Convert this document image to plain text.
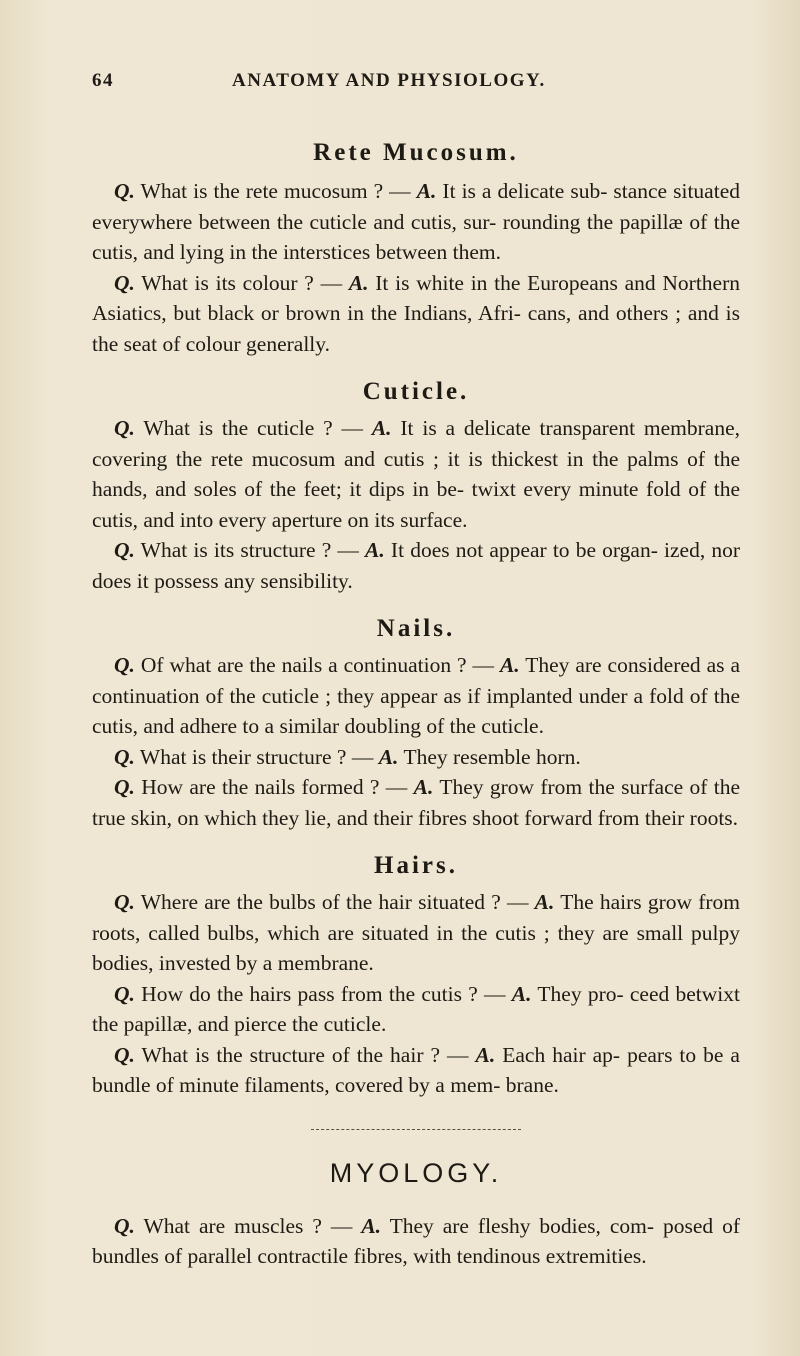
64	ANATOMY AND PHYSIOLOGY.
Rete Mucosum.

Q. What is the rete mucosum ? — A. It is a delicate sub- stance situated everywhere between the cuticle and cutis, sur- rounding the papillæ of the cutis, and lying in the interstices between them.

Q. What is its colour ? — A. It is white in the Europeans and Northern Asiatics, but black or brown in the Indians, Afri- cans, and others ; and is the seat of colour generally.

Cuticle.

Q. What is the cuticle ? — A. It is a delicate transparent membrane, covering the rete mucosum and cutis ; it is thickest in the palms of the hands, and soles of the feet; it dips in be- twixt every minute fold of the cutis, and into every aperture on its surface.

Q. What is its structure ? — A. It does not appear to be organ- ized, nor does it possess any sensibility.

Nails.

Q. Of what are the nails a continuation ? — A. They are considered as a continuation of the cuticle ; they appear as if implanted under a fold of the cutis, and adhere to a similar doubling of the cuticle.

Q. What is their structure ? — A. They resemble horn.

Q. How are the nails formed ? — A. They grow from the surface of the true skin, on which they lie, and their fibres shoot forward from their roots.

Hairs.

Q. Where are the bulbs of the hair situated ? — A. The hairs grow from roots, called bulbs, which are situated in the cutis ; they are small pulpy bodies, invested by a membrane.

Q. How do the hairs pass from the cutis ? — A. They pro- ceed betwixt the papillæ, and pierce the cuticle.

Q. What is the structure of the hair ? — A. Each hair ap- pears to be a bundle of minute filaments, covered by a mem- brane.

MYOLOGY.

Q. What are muscles ? — A. They are fleshy bodies, com- posed of bundles of parallel contractile fibres, with tendinous extremities.
